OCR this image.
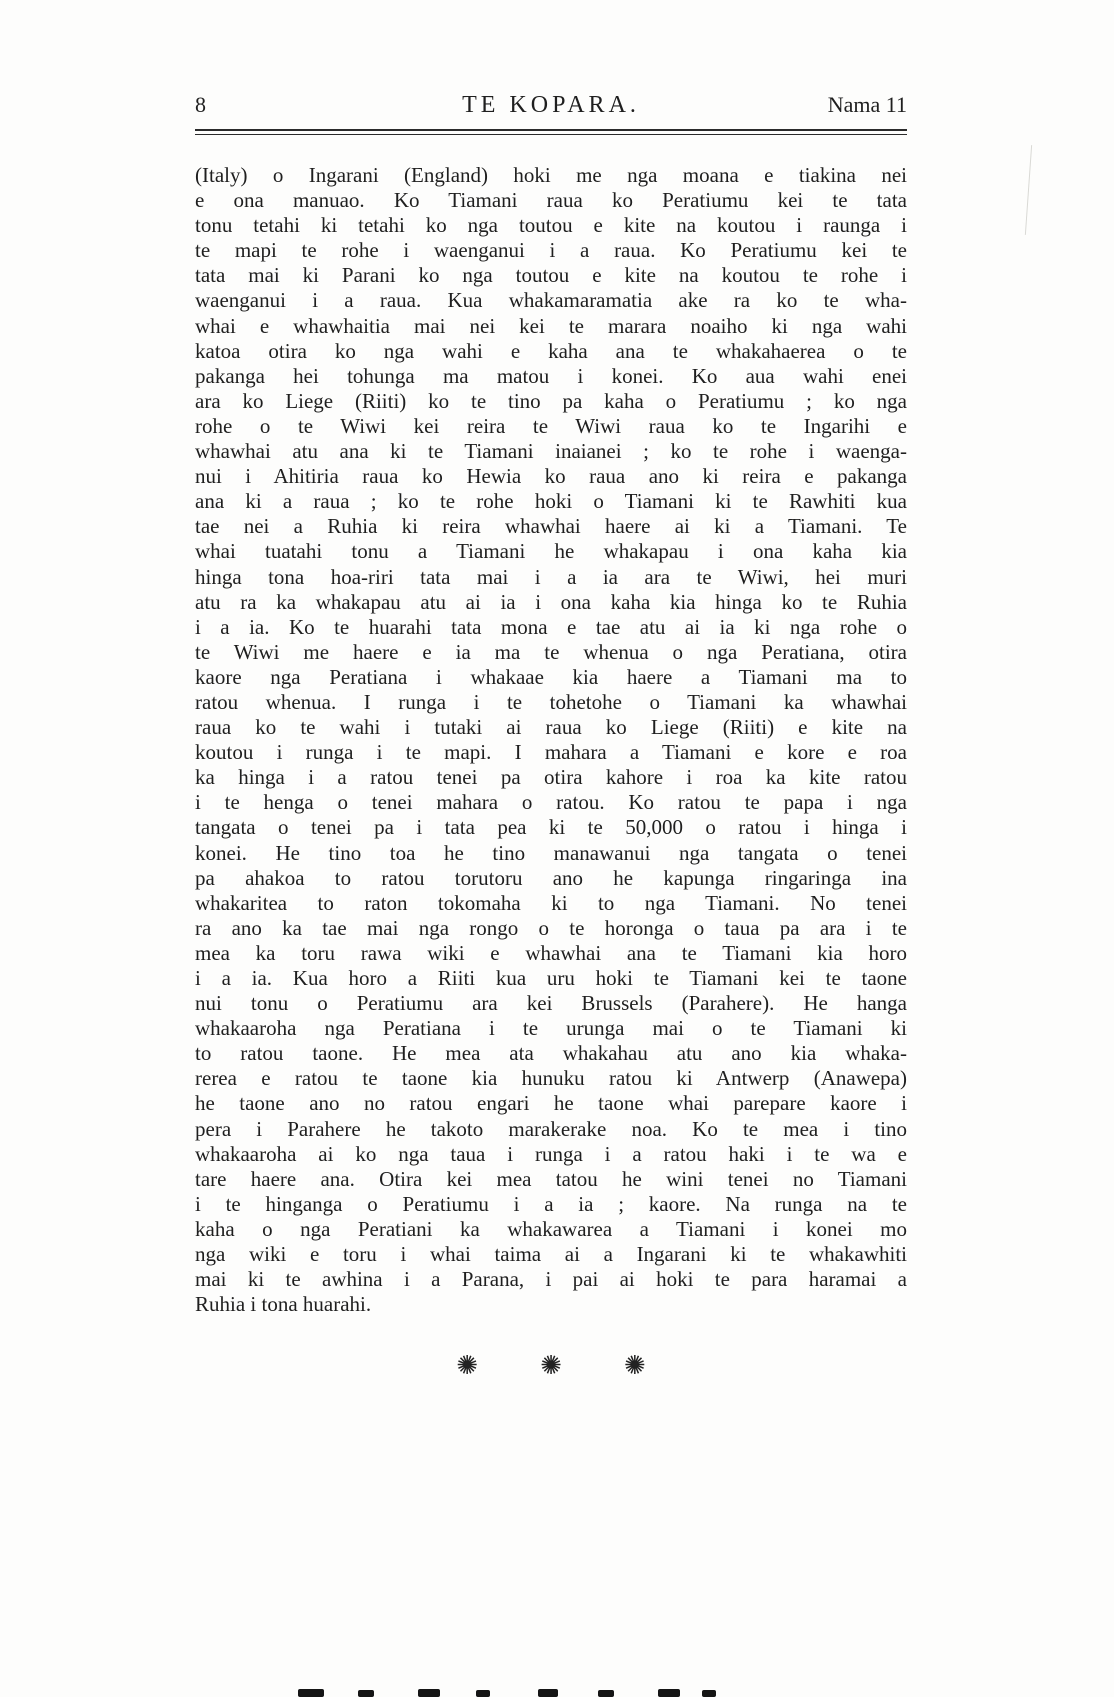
8	TE KOPARA.	Nama 11
(Italy) o Ingarani (England) hoki me nga moana e tiakina nei
e ona manuao. Ko Tiamani raua ko Peratiumu kei te tata
tonu tetahi ki tetahi ko nga toutou e kite na koutou i raunga i
te mapi te rohe i waenganui i a raua. Ko Peratiumu kei te
tata mai ki Parani ko nga toutou e kite na koutou te rohe i
waenganui i a raua. Kua whakamaramatia ake ra ko te wha-
whai e whawhaitia mai nei kei te marara noaiho ki nga wahi
katoa otira ko nga wahi e kaha ana te whakahaerea o te
pakanga hei tohunga ma matou i konei. Ko aua wahi enei
ara ko Liege (Riiti) ko te tino pa kaha o Peratiumu ; ko nga
rohe o te Wiwi kei reira te Wiwi raua ko te Ingarihi e
whawhai atu ana ki te Tiamani inaianei ; ko te rohe i waenga-
nui i Ahitiria raua ko Hewia ko raua ano ki reira e pakanga
ana ki a raua ; ko te rohe hoki o Tiamani ki te Rawhiti kua
tae nei a Ruhia ki reira whawhai haere ai ki a Tiamani. Te
whai tuatahi tonu a Tiamani he whakapau i ona kaha kia
hinga tona hoa-riri tata mai i a ia ara te Wiwi, hei muri
atu ra ka whakapau atu ai ia i ona kaha kia hinga ko te Ruhia
i a ia. Ko te huarahi tata mona e tae atu ai ia ki nga rohe o
te Wiwi me haere e ia ma te whenua o nga Peratiana, otira
kaore nga Peratiana i whakaae kia haere a Tiamani ma to
ratou whenua. I runga i te tohetohe o Tiamani ka whawhai
raua ko te wahi i tutaki ai raua ko Liege (Riiti) e kite na
koutou i runga i te mapi. I mahara a Tiamani e kore e roa
ka hinga i a ratou tenei pa otira kahore i roa ka kite ratou
i te henga o tenei mahara o ratou. Ko ratou te papa i nga
tangata o tenei pa i tata pea ki te 50,000 o ratou i hinga i
konei. He tino toa he tino manawanui nga tangata o tenei
pa ahakoa to ratou torutoru ano he kapunga ringaringa ina
whakaritea to raton tokomaha ki to nga Tiamani. No tenei
ra ano ka tae mai nga rongo o te horonga o taua pa ara i te
mea ka toru rawa wiki e whawhai ana te Tiamani kia horo
i a ia. Kua horo a Riiti kua uru hoki te Tiamani kei te taone
nui tonu o Peratiumu ara kei Brussels (Parahere). He hanga
whakaaroha nga Peratiana i te urunga mai o te Tiamani ki
to ratou taone. He mea ata whakahau atu ano kia whaka-
rerea e ratou te taone kia hunuku ratou ki Antwerp (Anawepa)
he taone ano no ratou engari he taone whai parepare kaore i
pera i Parahere he takoto marakerake noa. Ko te mea i tino
whakaaroha ai ko nga taua i runga i a ratou haki i te wa e
tare haere ana. Otira kei mea tatou he wini tenei no Tiamani
i te hinganga o Peratiumu i a ia ; kaore. Na runga na te
kaha o nga Peratiani ka whakawarea a Tiamani i konei mo
nga wiki e toru i whai taima ai a Ingarani ki te whakawhiti
mai ki te awhina i a Parana, i pai ai hoki te para haramai a
Ruhia i tona huarahi.
✺ ✺ ✺
